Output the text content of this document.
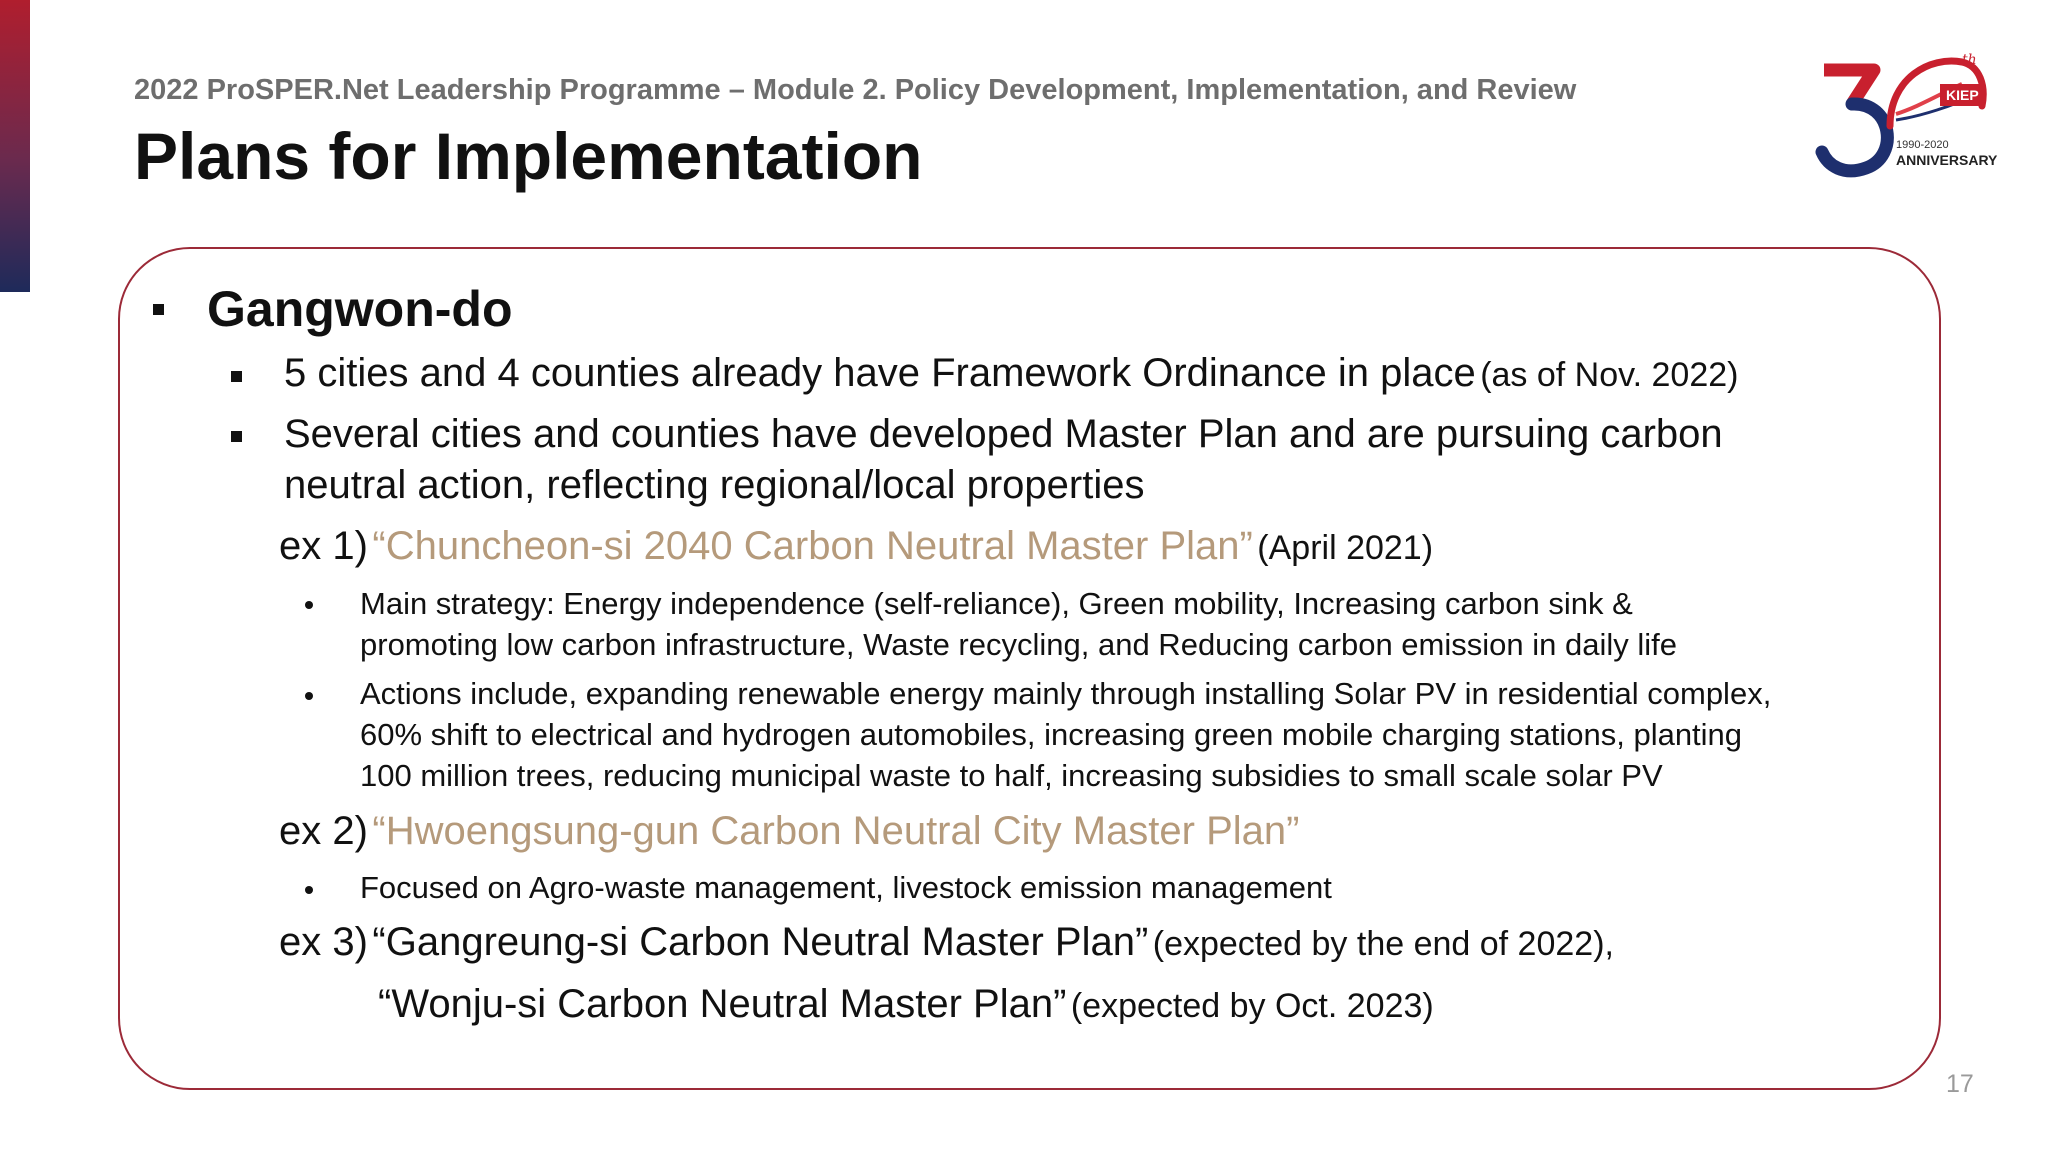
2022 ProSPER.Net Leadership Programme – Module 2. Policy Development, Implementation, and Review
Plans for Implementation
th
KIEP
1990-2020
ANNIVERSARY
Gangwon-do
5 cities and 4 counties already have Framework Ordinance in place (as of Nov. 2022)
Several cities and counties have developed Master Plan and are pursuing carbon
neutral action, reflecting regional/local properties
ex 1) “Chuncheon-si 2040 Carbon Neutral Master Plan” (April 2021)
Main strategy: Energy independence (self-reliance), Green mobility, Increasing carbon sink &
promoting low carbon infrastructure, Waste recycling, and Reducing carbon emission in daily life
Actions include, expanding renewable energy mainly through installing Solar PV in residential complex,
60% shift to electrical and hydrogen automobiles, increasing green mobile charging stations, planting
100 million trees, reducing municipal waste to half, increasing subsidies to small scale solar PV
ex 2) “Hwoengsung-gun Carbon Neutral City Master Plan”
Focused on Agro-waste management, livestock emission management
ex 3) “Gangreung-si Carbon Neutral Master Plan” (expected by the end of 2022),
“Wonju-si Carbon Neutral Master Plan” (expected by Oct. 2023)
17
